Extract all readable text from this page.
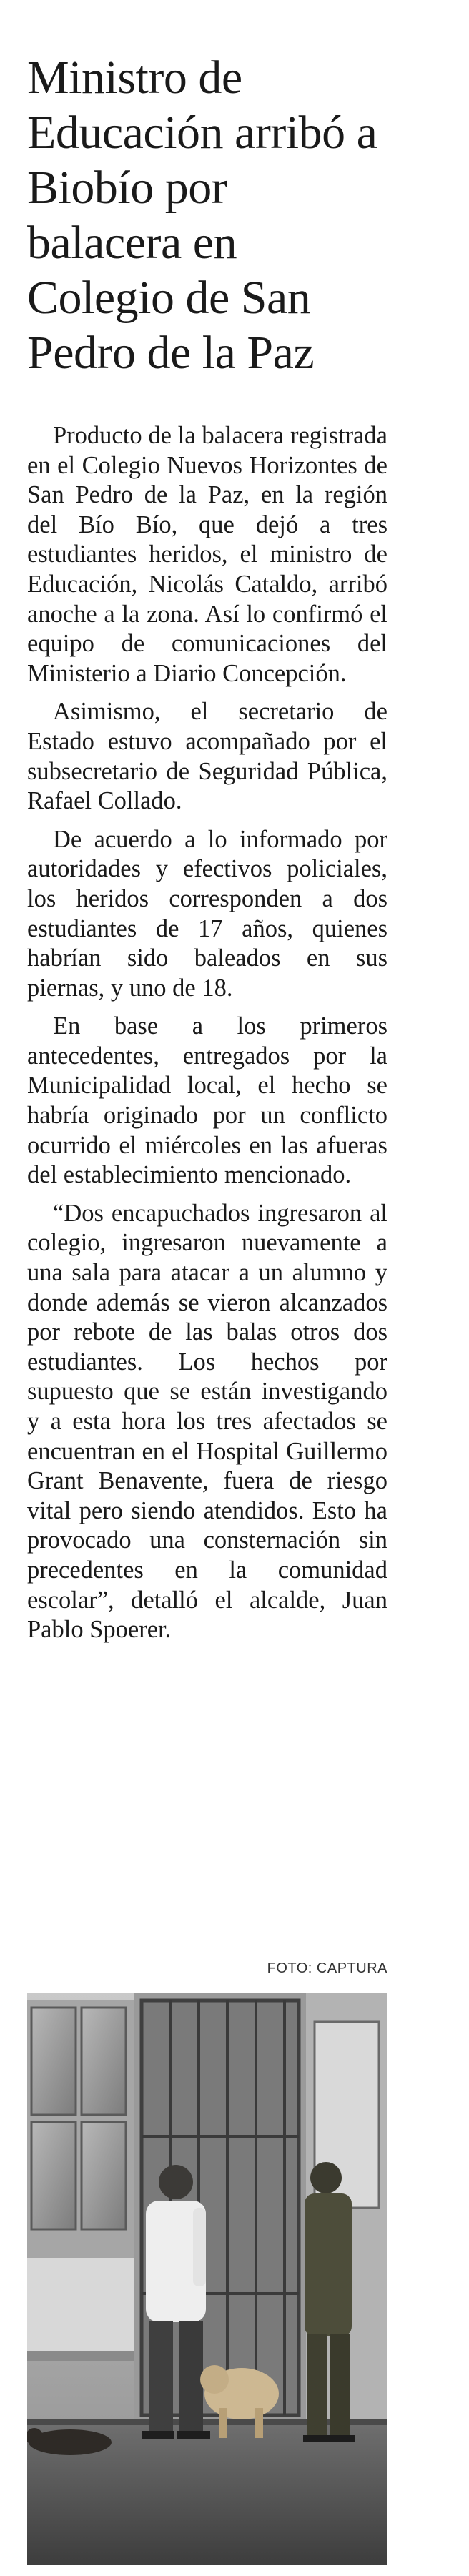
Ministro de Educación arribó a Biobío por balacera en Colegio de San Pedro de la Paz

Producto de la balacera registrada en el Colegio Nuevos Horizontes de San Pedro de la Paz, en la región del Bío Bío, que dejó a tres estudiantes heridos, el ministro de Educación, Nicolás Cataldo, arribó anoche a la zona. Así lo confirmó el equipo de comunicaciones del Ministerio a Diario Concepción.

Asimismo, el secretario de Estado estuvo acompañado por el subsecretario de Seguridad Pública, Rafael Collado.

De acuerdo a lo informado por autoridades y efectivos policiales, los heridos corresponden a dos estudiantes de 17 años, quienes habrían sido baleados en sus piernas, y uno de 18.

En base a los primeros antecedentes, entregados por la Municipalidad local, el hecho se habría originado por un conflicto ocurrido el miércoles en las afueras del establecimiento mencionado.

“Dos encapuchados ingresaron al colegio, ingresaron nuevamente a una sala para atacar a un alumno y donde además se vieron alcanzados por rebote de las balas otros dos estudiantes. Los hechos por supuesto que se están investigando y a esta hora los tres afectados se encuentran en el Hospital Guillermo Grant Benavente, fuera de riesgo vital pero siendo atendidos. Esto ha provocado una consternación sin precedentes en la comunidad escolar”, detalló el alcalde, Juan Pablo Spoerer.

FOTO: CAPTURA
